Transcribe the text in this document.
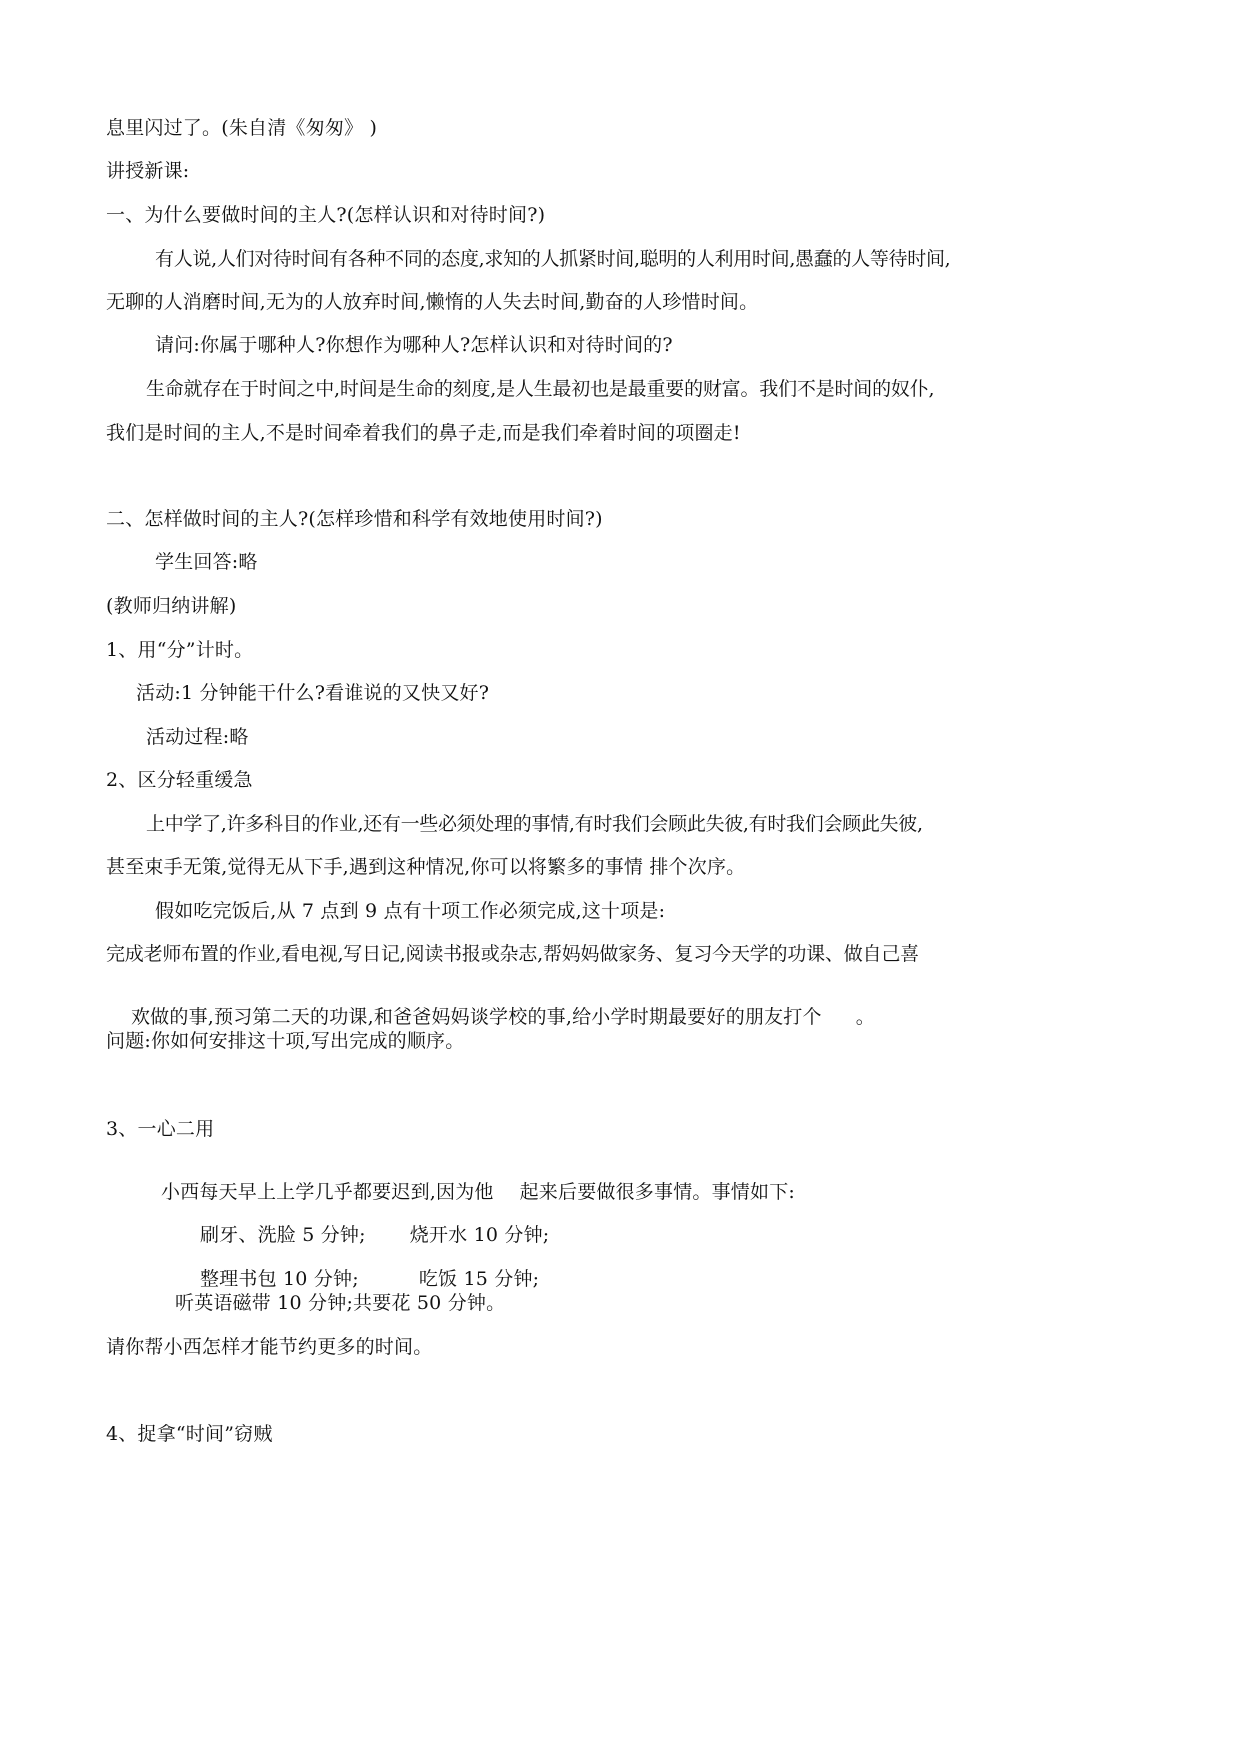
息里闪过了。(朱自清《匆匆》 )
讲授新课:
一、为什么要做时间的主人?(怎样认识和对待时间?)
有人说,人们对待时间有各种不同的态度,求知的人抓紧时间,聪明的人利用时间,愚蠢的人等待时间,
无聊的人消磨时间,无为的人放弃时间,懒惰的人失去时间,勤奋的人珍惜时间。
请问:你属于哪种人?你想作为哪种人?怎样认识和对待时间的?
生命就存在于时间之中,时间是生命的刻度,是人生最初也是最重要的财富。我们不是时间的奴仆,
我们是时间的主人,不是时间牵着我们的鼻子走,而是我们牵着时间的项圈走!
二、怎样做时间的主人?(怎样珍惜和科学有效地使用时间?)
学生回答:略
(教师归纳讲解)
1、用“分”计时。
活动:1 分钟能干什么?看谁说的又快又好?
活动过程:略
2、区分轻重缓急
上中学了,许多科目的作业,还有一些必须处理的事情,有时我们会顾此失彼,有时我们会顾此失彼,
甚至束手无策,觉得无从下手,遇到这种情况,你可以将繁多的事情 排个次序。
假如吃完饭后,从 7 点到 9 点有十项工作必须完成,这十项是:
完成老师布置的作业,看电视,写日记,阅读书报或杂志,帮妈妈做家务、复习今天学的功课、做自己喜

欢做的事,预习第二天的功课,和爸爸妈妈谈学校的事,给小学时期最要好的朋友打个 。

问题:你如何安排这十项,写出完成的顺序。
3、一心二用

小西每天早上上学几乎都要迟到,因为他 起来后要做很多事情。事情如下:

刷牙、洗脸 5 分钟; 烧开水 10 分钟;

整理书包 10 分钟;	吃饭 15 分钟;

听英语磁带 10 分钟;共要花 50 分钟。
请你帮小西怎样才能节约更多的时间。
4、捉拿“时间”窃贼
